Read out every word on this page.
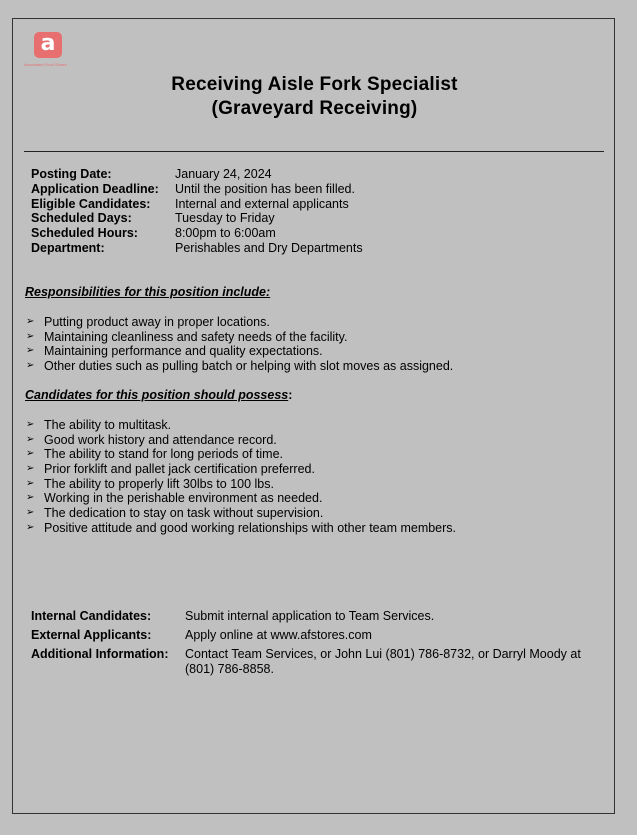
a
Associated Food Stores
Receiving Aisle Fork Specialist
(Graveyard Receiving)
Posting Date:	January 24, 2024
Application Deadline: Until the position has been filled.
Eligible Candidates: Internal and external applicants
Scheduled Days:	Tuesday to Friday
Scheduled Hours:	8:00pm to 6:00am
Department:	Perishables and Dry Departments
Responsibilities for this position include:
➢ Putting product away in proper locations.
➢ Maintaining cleanliness and safety needs of the facility.
➢ Maintaining performance and quality expectations.
➢ Other duties such as pulling batch or helping with slot moves as assigned.
Candidates for this position should possess:
➢ The ability to multitask.
➢ Good work history and attendance record.
➢ The ability to stand for long periods of time.
➢ Prior forklift and pallet jack certification preferred.
➢ The ability to properly lift 30lbs to 100 lbs.
➢ Working in the perishable environment as needed.
➢ The dedication to stay on task without supervision.
➢ Positive attitude and good working relationships with other team members.
Internal Candidates:	Submit internal application to Team Services.
External Applicants:	Apply online at www.afstores.com
Additional Information: Contact Team Services, or John Lui (801) 786-8732, or Darryl Moody at (801) 786-8858.
